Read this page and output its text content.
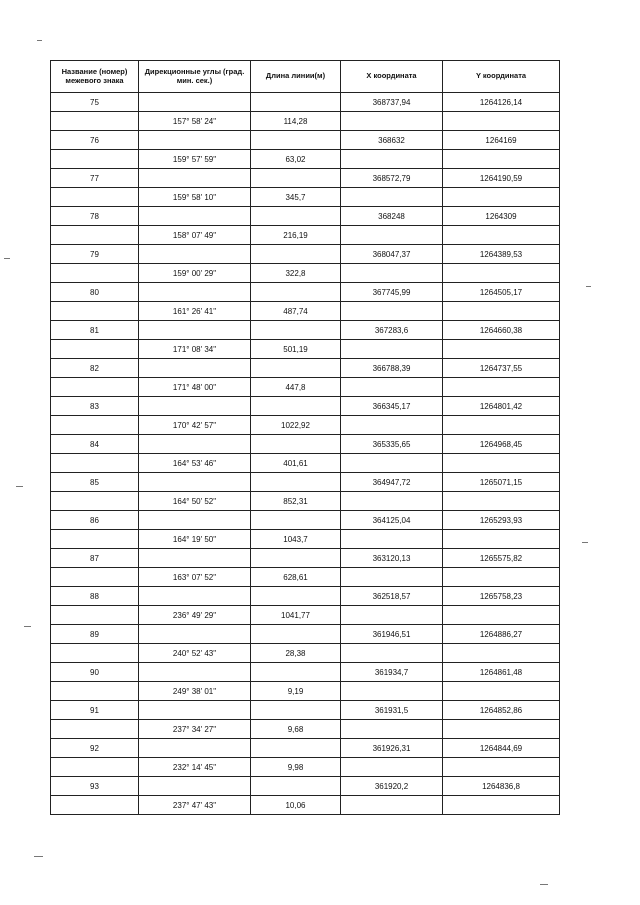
Название (номер) межевого знака	Дирекционные углы (град. мин. сек.)	Длина линии(м)	X координата	Y координата
75			368737,94	1264126,14
	157° 58' 24"	114,28		
76			368632	1264169
	159° 57' 59"	63,02		
77			368572,79	1264190,59
	159° 58' 10"	345,7		
78			368248	1264309
	158° 07' 49"	216,19		
79			368047,37	1264389,53
	159° 00' 29"	322,8		
80			367745,99	1264505,17
	161° 26' 41"	487,74		
81			367283,6	1264660,38
	171° 08' 34"	501,19		
82			366788,39	1264737,55
	171° 48' 00"	447,8		
83			366345,17	1264801,42
	170° 42' 57"	1022,92		
84			365335,65	1264968,45
	164° 53' 46"	401,61		
85			364947,72	1265071,15
	164° 50' 52"	852,31		
86			364125,04	1265293,93
	164° 19' 50"	1043,7		
87			363120,13	1265575,82
	163° 07' 52"	628,61		
88			362518,57	1265758,23
	236° 49' 29"	1041,77		
89			361946,51	1264886,27
	240° 52' 43"	28,38		
90			361934,7	1264861,48
	249° 38' 01"	9,19		
91			361931,5	1264852,86
	237° 34' 27"	9,68		
92			361926,31	1264844,69
	232° 14' 45"	9,98		
93			361920,2	1264836,8
	237° 47' 43"	10,06		
